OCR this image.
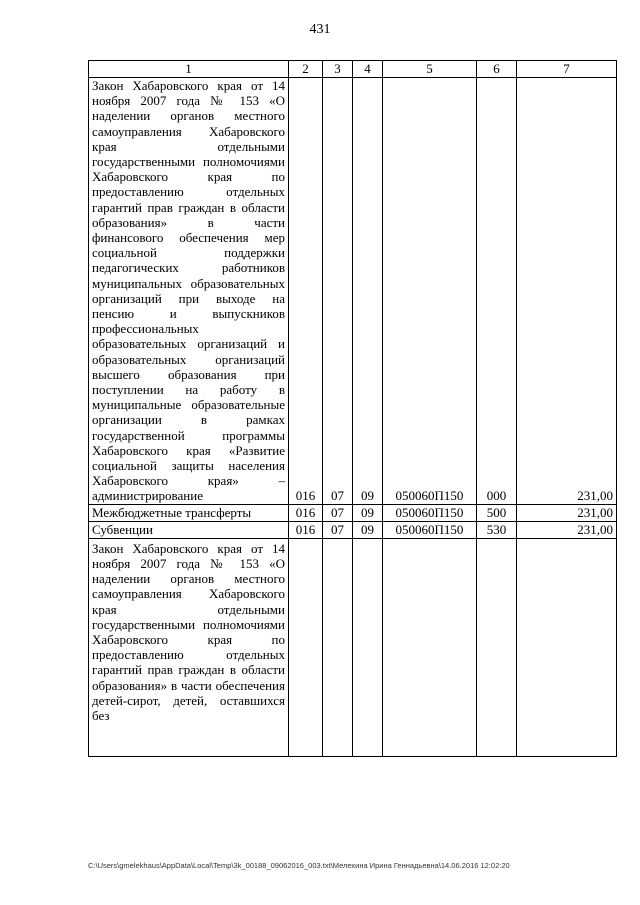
431
1	2	3	4	5	6	7
Закон Хабаровского края от 14 ноября 2007 года № 153 «О наделении органов местного самоуправления Хабаровского края отдельными государственными полномочиями Хабаровского края по предоставлению отдельных гарантий прав граждан в области образования» в части финансового обеспечения мер социальной поддержки педагогических работников муниципальных образовательных организаций при выходе на пенсию и выпускников профессиональных образовательных организаций и образовательных организаций высшего образования при поступлении на работу в муниципальные образовательные организации в рамках государственной программы Хабаровского края «Развитие социальной защиты населения Хабаровского края» – администрирование	016	07	09	050060П150	000	231,00
Межбюджетные трансферты	016	07	09	050060П150	500	231,00
Субвенции	016	07	09	050060П150	530	231,00
Закон Хабаровского края от 14 ноября 2007 года № 153 «О наделении органов местного самоуправления Хабаровского края отдельными государственными полномочиями Хабаровского края по предоставлению отдельных гарантий прав граждан в области образования» в части обеспечения детей-сирот, детей, оставшихся без						
C:\Users\gmelekhaus\AppData\Local\Temp\3k_00188_09062016_003.txt\Мелехина Ирина Геннадьевна\14.06.2016 12:02:20
